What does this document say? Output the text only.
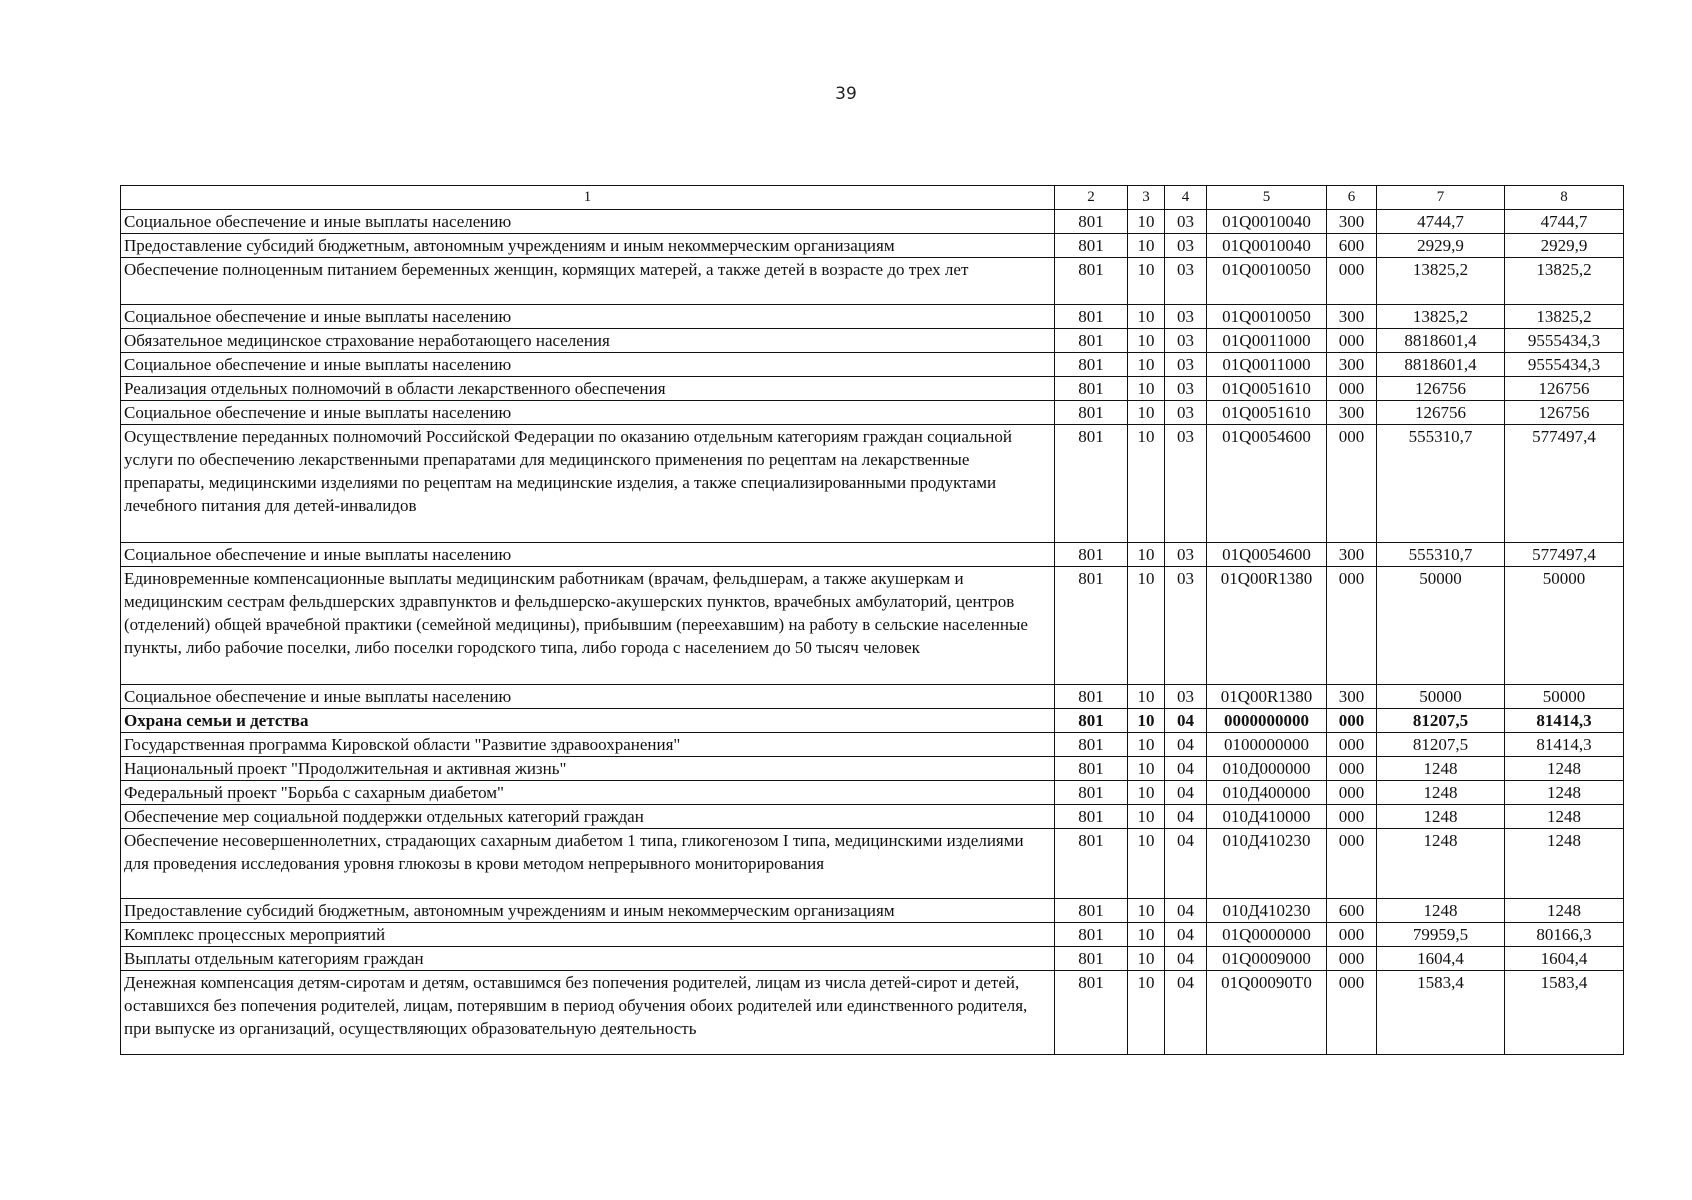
39
1	2	3	4	5	6	7	8
Социальное обеспечение и иные выплаты населению	801	10	03	01Q0010040	300	4744,7	4744,7
Предоставление субсидий бюджетным, автономным учреждениям и иным некоммерческим организациям	801	10	03	01Q0010040	600	2929,9	2929,9
Обеспечение полноценным питанием беременных женщин, кормящих матерей, а также детей в возрасте до трех лет	801	10	03	01Q0010050	000	13825,2	13825,2
Социальное обеспечение и иные выплаты населению	801	10	03	01Q0010050	300	13825,2	13825,2
Обязательное медицинское страхование неработающего населения	801	10	03	01Q0011000	000	8818601,4	9555434,3
Социальное обеспечение и иные выплаты населению	801	10	03	01Q0011000	300	8818601,4	9555434,3
Реализация отдельных полномочий в области лекарственного обеспечения	801	10	03	01Q0051610	000	126756	126756
Социальное обеспечение и иные выплаты населению	801	10	03	01Q0051610	300	126756	126756
Осуществление переданных полномочий Российской Федерации по оказанию отдельным категориям граждан социальной услуги по обеспечению лекарственными препаратами для медицинского применения по рецептам на лекарственные препараты, медицинскими изделиями по рецептам на медицинские изделия, а также специализированными продуктами лечебного питания для детей-инвалидов	801	10	03	01Q0054600	000	555310,7	577497,4
Социальное обеспечение и иные выплаты населению	801	10	03	01Q0054600	300	555310,7	577497,4
Единовременные компенсационные выплаты медицинским работникам (врачам, фельдшерам, а также акушеркам и медицинским сестрам фельдшерских здравпунктов и фельдшерско-акушерских пунктов, врачебных амбулаторий, центров (отделений) общей врачебной практики (семейной медицины), прибывшим (переехавшим) на работу в сельские населенные пункты, либо рабочие поселки, либо поселки городского типа, либо города с населением до 50 тысяч человек	801	10	03	01Q00R1380	000	50000	50000
Социальное обеспечение и иные выплаты населению	801	10	03	01Q00R1380	300	50000	50000
Охрана семьи и детства	801	10	04	0000000000	000	81207,5	81414,3
Государственная программа Кировской области "Развитие здравоохранения"	801	10	04	0100000000	000	81207,5	81414,3
Национальный проект "Продолжительная и активная жизнь"	801	10	04	010Д000000	000	1248	1248
Федеральный проект "Борьба с сахарным диабетом"	801	10	04	010Д400000	000	1248	1248
Обеспечение мер социальной поддержки отдельных категорий граждан	801	10	04	010Д410000	000	1248	1248
Обеспечение несовершеннолетних, страдающих сахарным диабетом 1 типа, гликогенозом I типа, медицинскими изделиями для проведения исследования уровня глюкозы в крови методом непрерывного мониторирования	801	10	04	010Д410230	000	1248	1248
Предоставление субсидий бюджетным, автономным учреждениям и иным некоммерческим организациям	801	10	04	010Д410230	600	1248	1248
Комплекс процессных мероприятий	801	10	04	01Q0000000	000	79959,5	80166,3
Выплаты отдельным категориям граждан	801	10	04	01Q0009000	000	1604,4	1604,4
Денежная компенсация детям-сиротам и детям, оставшимся без попечения родителей, лицам из числа детей-сирот и детей, оставшихся без попечения родителей, лицам, потерявшим в период обучения обоих родителей или единственного родителя, при выпуске из организаций, осуществляющих образовательную деятельность	801	10	04	01Q00090T0	000	1583,4	1583,4
